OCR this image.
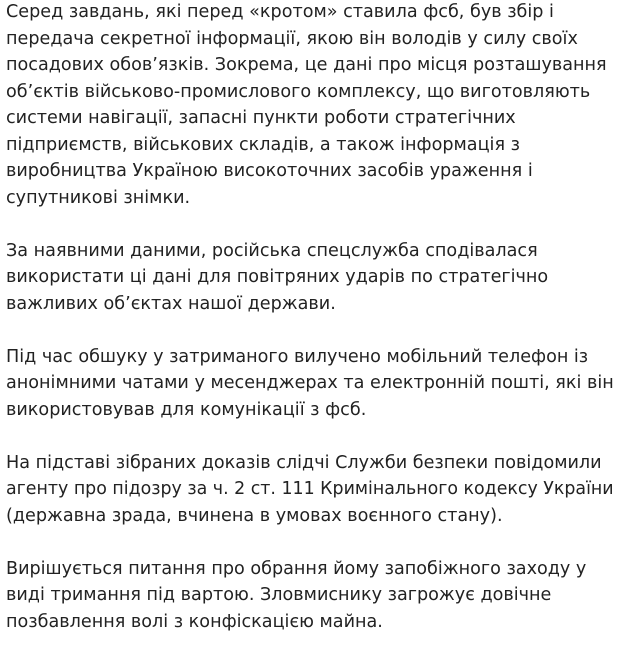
Серед завдань, які перед «кротом» ставила фсб, був збір і
передача секретної інформації, якою він володів у силу своїх
посадових обов’язків. Зокрема, це дані про місця розташування
об’єктів військово-промислового комплексу, що виготовляють
системи навігації, запасні пункти роботи стратегічних
підприємств, військових складів, а також інформація з
виробництва Україною високоточних засобів ураження і
супутникові знімки.

За наявними даними, російська спецслужба сподівалася
використати ці дані для повітряних ударів по стратегічно
важливих об’єктах нашої держави.

Під час обшуку у затриманого вилучено мобільний телефон із
анонімними чатами у месенджерах та електронній пошті, які він
використовував для комунікації з фсб.

На підставі зібраних доказів слідчі Служби безпеки повідомили
агенту про підозру за ч. 2 ст. 111 Кримінального кодексу України
(державна зрада, вчинена в умовах воєнного стану).

Вирішується питання про обрання йому запобіжного заходу у
виді тримання під вартою. Зловмиснику загрожує довічне
позбавлення волі з конфіскацією майна.
